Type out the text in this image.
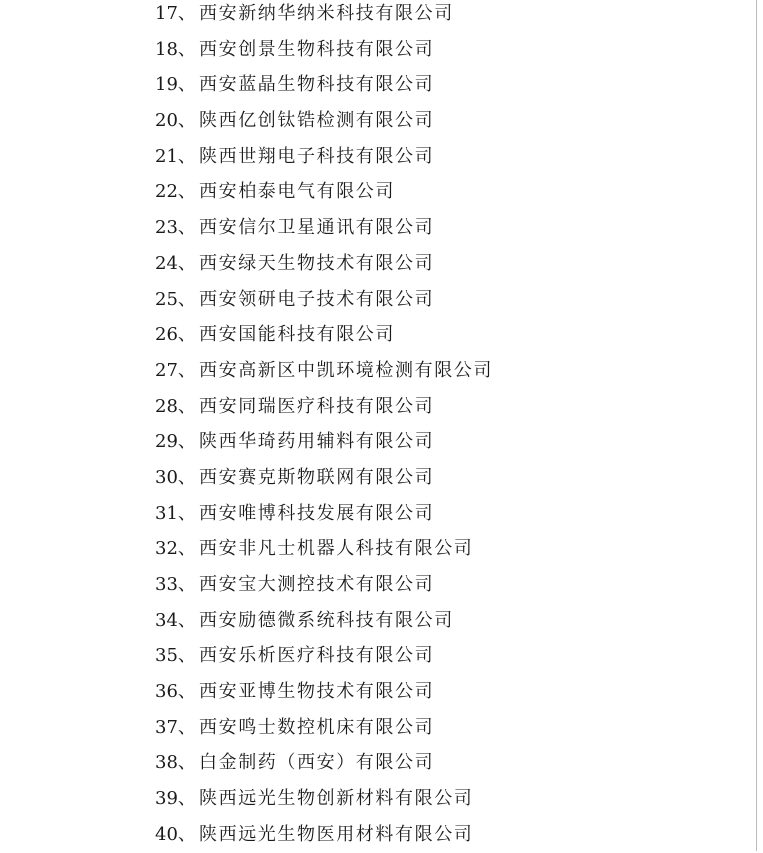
17、 西安新纳华纳米科技有限公司
18、 西安创景生物科技有限公司
19、 西安蓝晶生物科技有限公司
20、 陕西亿创钛锆检测有限公司
21、 陕西世翔电子科技有限公司
22、 西安柏泰电气有限公司
23、 西安信尔卫星通讯有限公司
24、 西安绿天生物技术有限公司
25、 西安领研电子技术有限公司
26、 西安国能科技有限公司
27、 西安高新区中凯环境检测有限公司
28、 西安同瑞医疗科技有限公司
29、 陕西华琦药用辅料有限公司
30、 西安赛克斯物联网有限公司
31、 西安唯博科技发展有限公司
32、 西安非凡士机器人科技有限公司
33、 西安宝大测控技术有限公司
34、 西安励德微系统科技有限公司
35、 西安乐析医疗科技有限公司
36、 西安亚博生物技术有限公司
37、 西安鸣士数控机床有限公司
38、 白金制药（西安）有限公司
39、 陕西远光生物创新材料有限公司
40、 陕西远光生物医用材料有限公司
